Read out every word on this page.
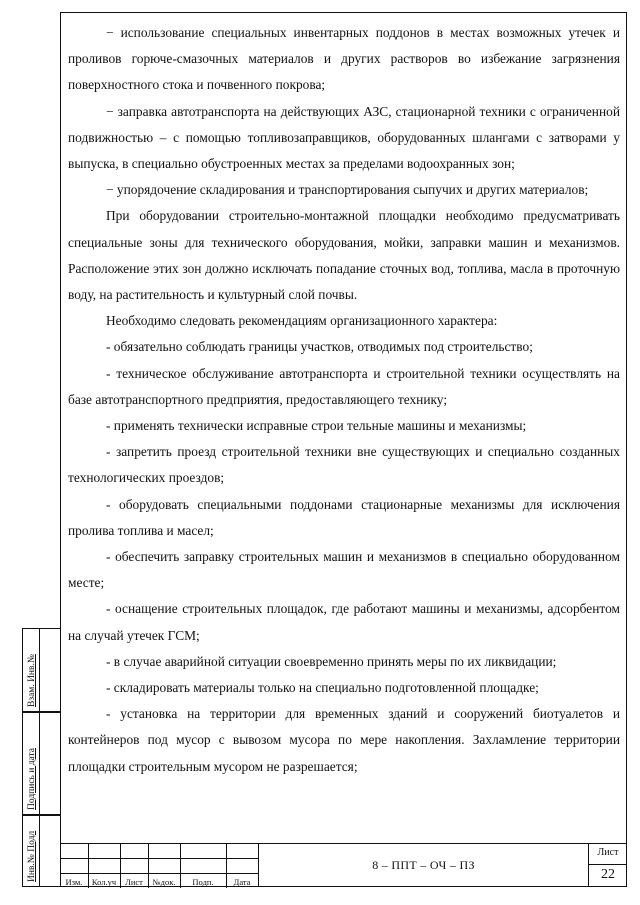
− использование специальных инвентарных поддонов в местах возможных утечек и проливов горюче-смазочных материалов и других растворов во избежание загрязнения поверхностного стока и почвенного покрова;

− заправка автотранспорта на действующих АЗС, стационарной техники с ограниченной подвижностью – с помощью топливозаправщиков, оборудованных шлангами с затворами у выпуска, в специально обустроенных местах за пределами водоохранных зон;

− упорядочение складирования и транспортирования сыпучих и других материалов;

При оборудовании строительно-монтажной площадки необходимо предусматривать специальные зоны для технического оборудования, мойки, заправки машин и механизмов. Расположение этих зон должно исключать попадание сточных вод, топлива, масла в проточную воду, на растительность и культурный слой почвы.

Необходимо следовать рекомендациям организационного характера:

- обязательно соблюдать границы участков, отводимых под строительство;

- техническое обслуживание автотранспорта и строительной техники осуществлять на базе автотранспортного предприятия, предоставляющего технику;

- применять технически исправные строи тельные машины и механизмы;

- запретить проезд строительной техники вне существующих и специально созданных технологических проездов;

- оборудовать специальными поддонами стационарные механизмы для исключения пролива топлива и масел;

- обеспечить заправку строительных машин и механизмов в специально оборудованном месте;

- оснащение строительных площадок, где работают машины и механизмы, адсорбентом на случай утечек ГСМ;

- в случае аварийной ситуации своевременно принять меры по их ликвидации;

- складировать материалы только на специально подготовленной площадке;

- установка на территории для временных зданий и сооружений биотуалетов и контейнеров под мусор с вывозом мусора по мере накопления. Захламление территории площадки строительным мусором не разрешается;

Взам. Инв.№
Подпись и дата
Инв.№ Подл	Изм.	Кол.уч	Лист	№док.	Подп.	Дата
8 – ППТ – ОЧ – ПЗ
Лист
22
